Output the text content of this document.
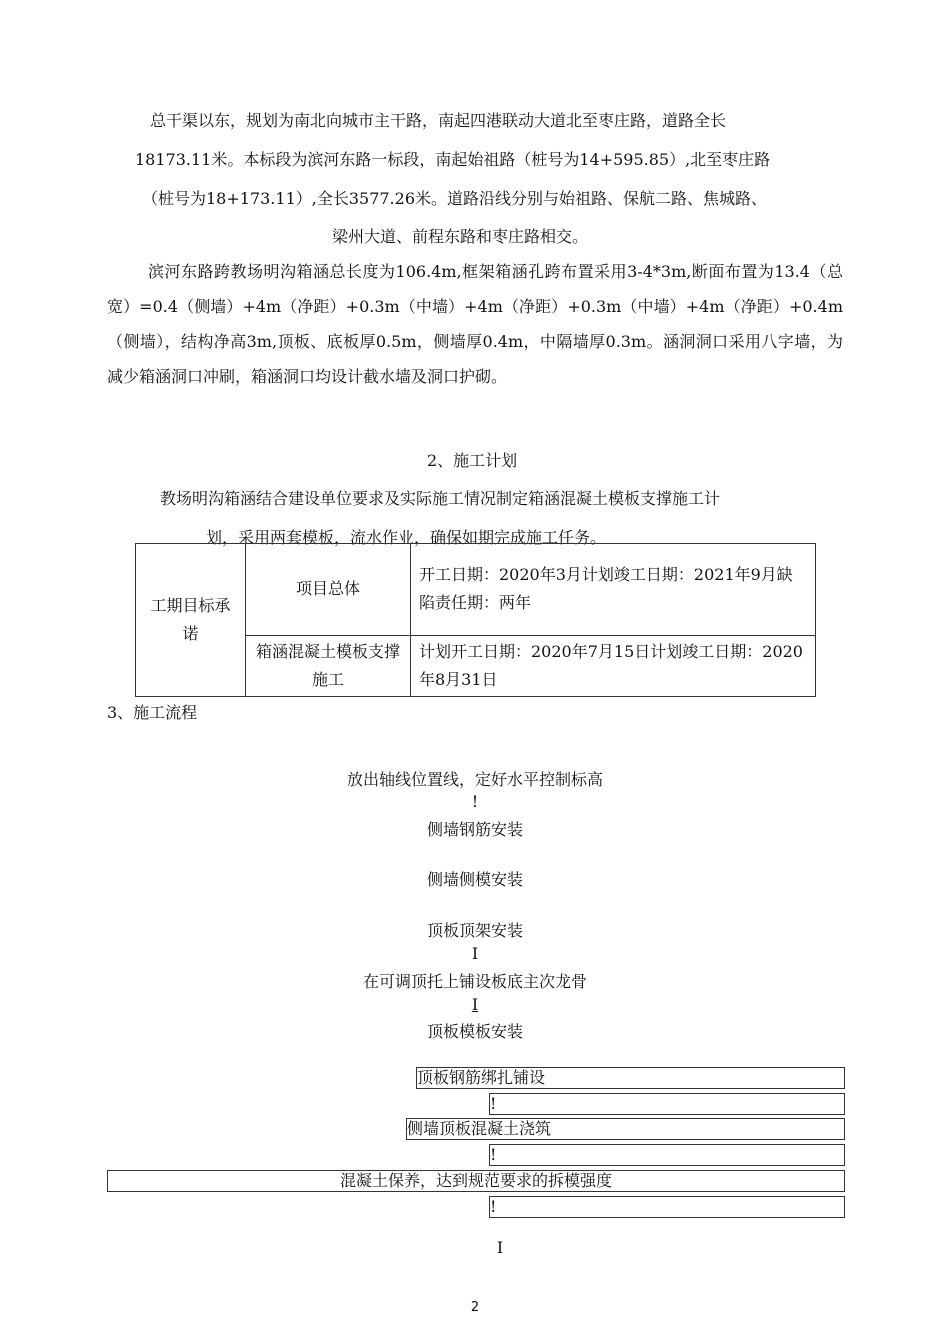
总干渠以东，规划为南北向城市主干路，南起四港联动大道北至枣庄路，道路全长
18173.11米。本标段为滨河东路一标段，南起始祖路（桩号为14+595.85）,北至枣庄路
（桩号为18+173.11）,全长3577.26米。道路沿线分别与始祖路、保航二路、焦城路、
梁州大道、前程东路和枣庄路相交。
滨河东路跨教场明沟箱涵总长度为106.4m,框架箱涵孔跨布置采用3-4*3m,断面布置为13.4（总宽）=0.4（侧墙）+4m（净距）+0.3m（中墙）+4m（净距）+0.3m（中墙）+4m（净距）+0.4m（侧墙），结构净高3m,顶板、底板厚0.5m，侧墙厚0.4m，中隔墙厚0.3m。涵洞洞口采用八字墙，为减少箱涵洞口冲刷，箱涵洞口均设计截水墙及洞口护砌。
2、施工计划
教场明沟箱涵结合建设单位要求及实际施工情况制定箱涵混凝土模板支撑施工计
划，采用两套模板，流水作业，确保如期完成施工任务。
工期目标承诺	项目总体	开工日期：2020年3月计划竣工日期：2021年9月缺陷责任期：两年
	箱涵混凝土模板支撑施工	计划开工日期：2020年7月15日计划竣工日期：2020年8月31日
3、施工流程
放出轴线位置线，定好水平控制标高
!
侧墙钢筋安装
侧墙侧模安装
顶板顶架安装
I
在可调顶托上铺设板底主次龙骨
I
顶板模板安装
顶板钢筋绑扎铺设
!
侧墙顶板混凝土浇筑
!
混凝土保养，达到规范要求的拆模强度
!
I
2
